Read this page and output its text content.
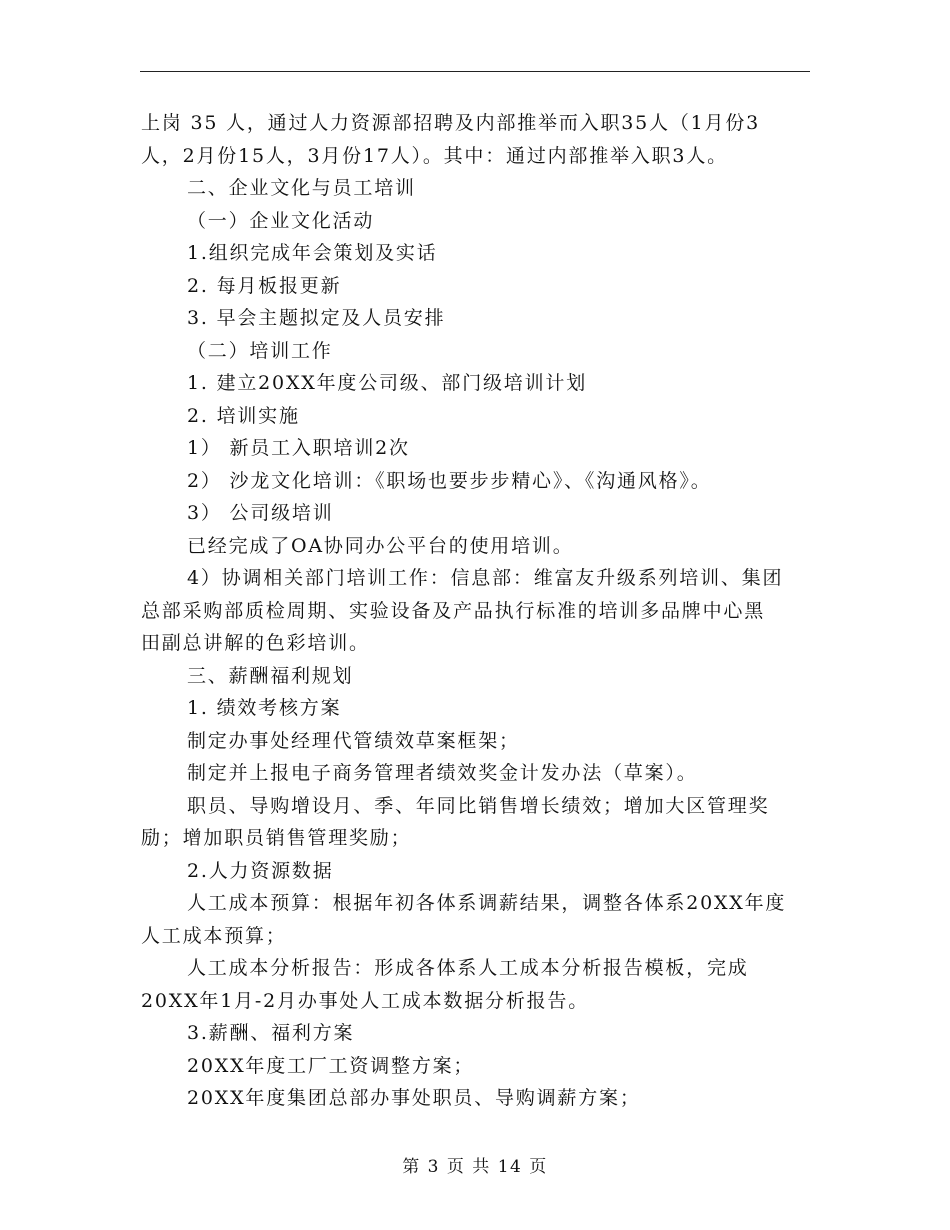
上岗 35 人，通过人力资源部招聘及内部推举而入职35人（1月份3
人，2月份15人，3月份17人）。其中：通过内部推举入职3人。
二、企业文化与员工培训
（一）企业文化活动
1.组织完成年会策划及实话
2. 每月板报更新
3. 早会主题拟定及人员安排
（二）培训工作
1. 建立20XX年度公司级、部门级培训计划
2. 培训实施
1） 新员工入职培训2次
2） 沙龙文化培训：《职场也要步步精心》、《沟通风格》。
3） 公司级培训
已经完成了OA协同办公平台的使用培训。
4）协调相关部门培训工作：信息部：维富友升级系列培训、集团
总部采购部质检周期、实验设备及产品执行标准的培训多品牌中心黑
田副总讲解的色彩培训。
三、薪酬福利规划
1. 绩效考核方案
制定办事处经理代管绩效草案框架；
制定并上报电子商务管理者绩效奖金计发办法（草案）。
职员、导购增设月、季、年同比销售增长绩效；增加大区管理奖
励；增加职员销售管理奖励；
2.人力资源数据
人工成本预算：根据年初各体系调薪结果，调整各体系20XX年度
人工成本预算；
人工成本分析报告：形成各体系人工成本分析报告模板，完成
20XX年1月-2月办事处人工成本数据分析报告。
3.薪酬、福利方案
20XX年度工厂工资调整方案；
20XX年度集团总部办事处职员、导购调薪方案；
第 3 页 共 14 页
